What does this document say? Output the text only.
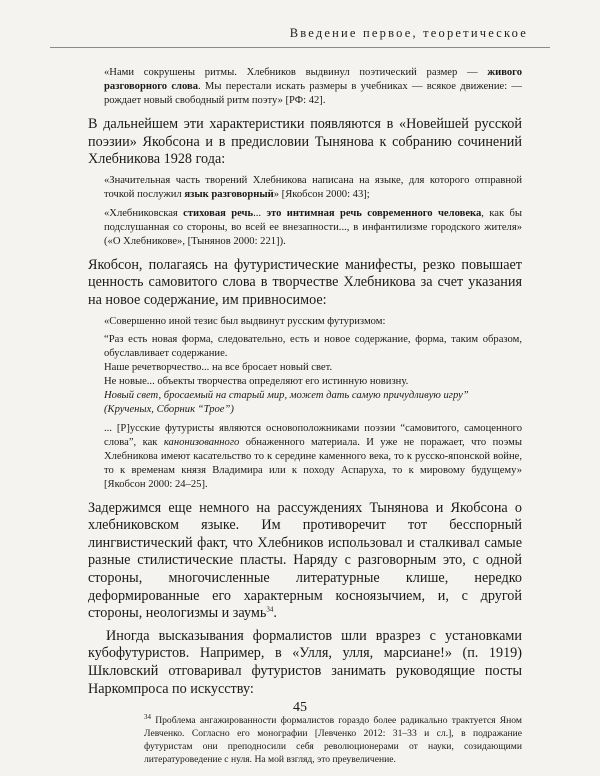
Введение первое, теоретическое

«Нами сокрушены ритмы. Хлебников выдвинул поэтический размер — живого разговорного слова. Мы перестали искать размеры в учебниках — всякое движение: — рождает новый свободный ритм поэту» [РФ: 42].

В дальнейшем эти характеристики появляются в «Новейшей русской поэзии» Якобсона и в предисловии Тынянова к собранию сочинений Хлебникова 1928 года:

«Значительная часть творений Хлебникова написана на языке, для которого отправной точкой послужил язык разговорный» [Якобсон 2000: 43];

«Хлебниковская стиховая речь... это интимная речь современного человека, как бы подслушанная со стороны, во всей ее внезапности..., в инфантилизме городского жителя» («О Хлебникове», [Тынянов 2000: 221]).

Якобсон, полагаясь на футуристические манифесты, резко повышает ценность самовитого слова в творчестве Хлебникова за счет указания на новое содержание, им привносимое:

«Совершенно иной тезис был выдвинут русским футуризмом:

“Раз есть новая форма, следовательно, есть и новое содержание, форма, таким образом, обуславливает содержание.
Наше речетворчество... на все бросает новый свет.
Не новые... объекты творчества определяют его истинную новизну.
Новый свет, бросаемый на старый мир, может дать самую причудливую игру”
(Крученых, Сборник “Трое”)

... [Р]усские футуристы являются основоположниками поэзии “самовитого, самоценного слова”, как канонизованного обнаженного материала. И уже не поражает, что поэмы Хлебникова имеют касательство то к середине каменного века, то к русско-японской войне, то к временам князя Владимира или к походу Аспаруха, то к мировому будущему» [Якобсон 2000: 24–25].

Задержимся еще немного на рассуждениях Тынянова и Якобсона о хлебниковском языке. Им противоречит тот бесспорный лингвистический факт, что Хлебников использовал и сталкивал самые разные стилистические пласты. Наряду с разговорным это, с одной стороны, многочисленные литературные клише, нередко деформированные его характерным косноязычием, и, с другой стороны, неологизмы и заумь$^{34}$.

Иногда высказывания формалистов шли вразрез с установками кубофутуристов. Например, в «Улля, улля, марсиане!» (п. 1919) Шкловский отговаривал футуристов занимать руководящие посты Наркомпроса по искусству:

$^{34}$ Проблема ангажированности формалистов гораздо более радикально трактуется Яном Левченко. Согласно его монографии [Левченко 2012: 31–33 и сл.], в подражание футуристам они преподносили себя революционерами от науки, созидающими литературоведение с нуля. На мой взгляд, это преувеличение.

45
